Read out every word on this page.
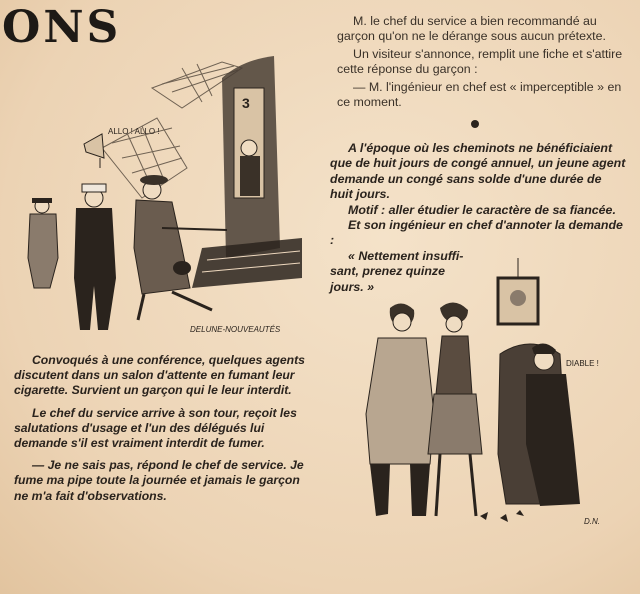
ONS
3
ALLO ! ALLO !
DELUNE-NOUVEAUTÉS

M. le chef du service a bien recommandé au garçon qu'on ne le dérange sous aucun prétexte.

Un visiteur s'annonce, remplit une fiche et s'attire cette réponse du garçon :

— M. l'ingénieur en chef est « imperceptible » en ce moment.

A l'époque où les cheminots ne bénéficiaient que de huit jours de congé annuel, un jeune agent demande un congé sans solde d'une durée de huit jours.

Motif : aller étudier le caractère de sa fiancée.

Et son ingénieur en chef d'annoter la demande :

« Nettement insuffi-

sant, prenez quinze

jours. »

DIABLE !
D.N.

Convoqués à une conférence, quelques agents discutent dans un salon d'attente en fumant leur cigarette. Survient un garçon qui le leur interdit.

Le chef du service arrive à son tour, reçoit les salutations d'usage et l'un des délégués lui demande s'il est vraiment interdit de fumer.

— Je ne sais pas, répond le chef de service. Je fume ma pipe toute la journée et jamais le garçon ne m'a fait d'observations.
